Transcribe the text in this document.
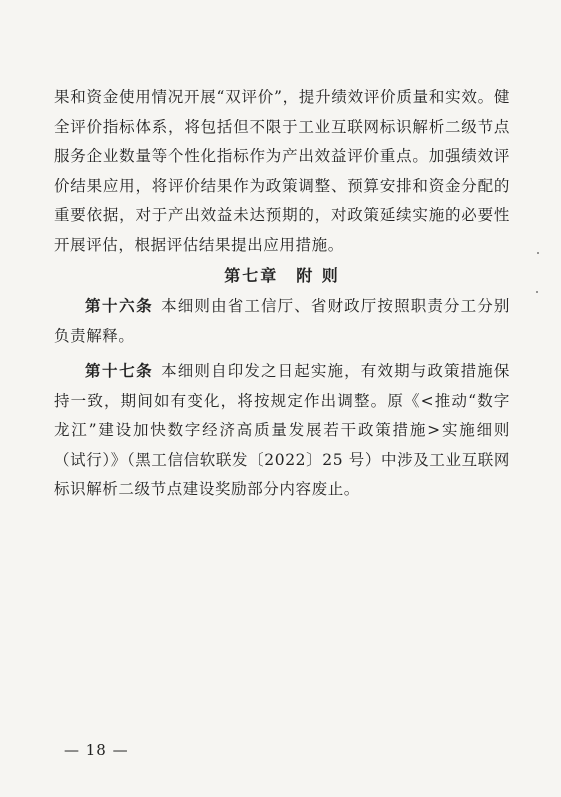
果和资金使用情况开展“双评价”，提升绩效评价质量和实效。健全评价指标体系，将包括但不限于工业互联网标识解析二级节点服务企业数量等个性化指标作为产出效益评价重点。加强绩效评价结果应用，将评价结果作为政策调整、预算安排和资金分配的重要依据，对于产出效益未达预期的，对政策延续实施的必要性开展评估，根据评估结果提出应用措施。

第七章 附 则

第十六条 本细则由省工信厅、省财政厅按照职责分工分别负责解释。

第十七条 本细则自印发之日起实施，有效期与政策措施保持一致，期间如有变化，将按规定作出调整。原《<推动“数字龙江”建设加快数字经济高质量发展若干政策措施>实施细则（试行）》（黑工信信软联发〔2022〕25 号）中涉及工业互联网标识解析二级节点建设奖励部分内容废止。

— 18 —
